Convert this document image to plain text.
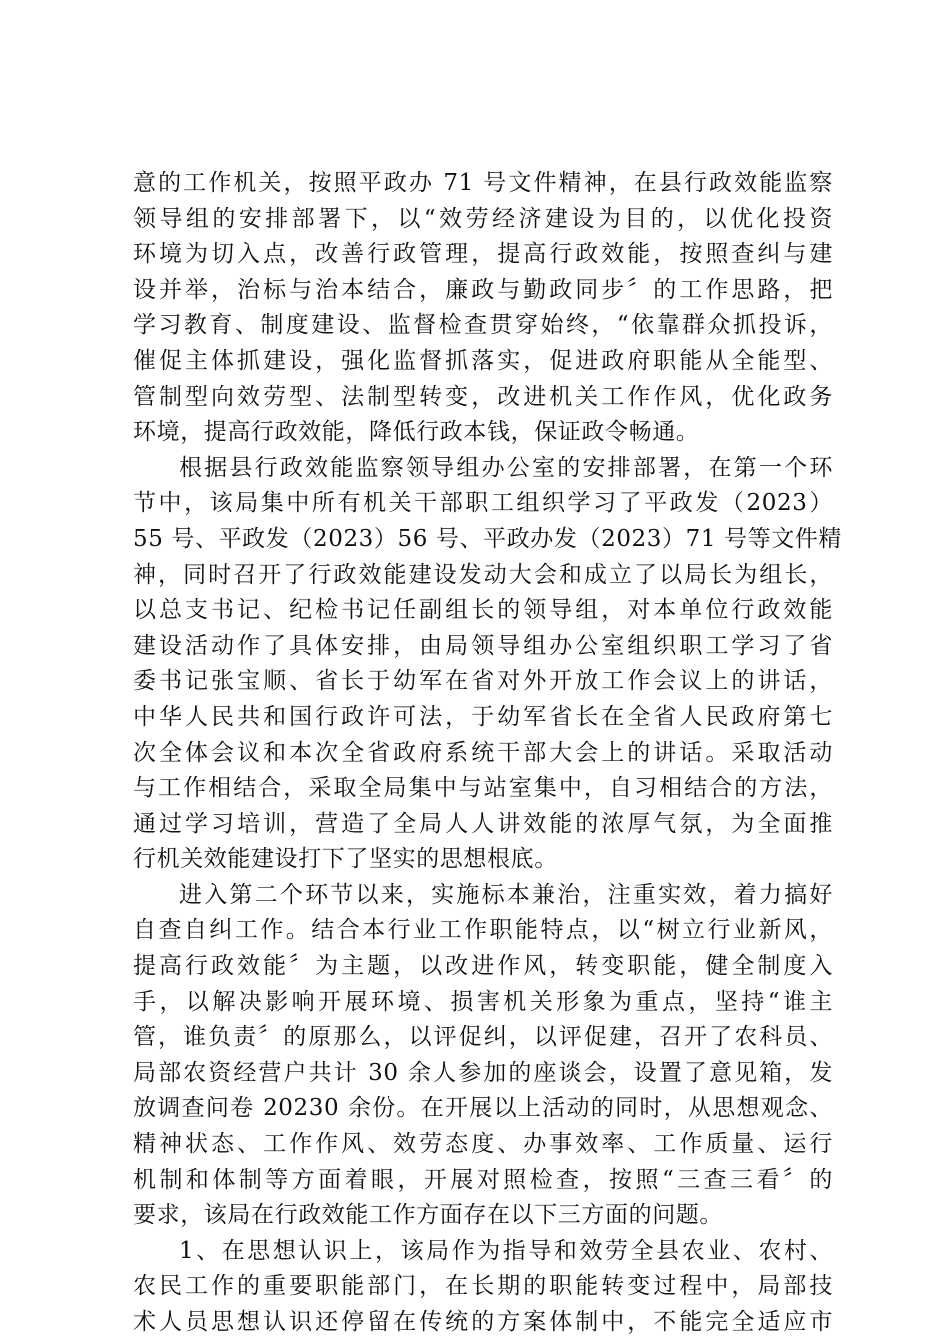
意的工作机关，按照平政办 71 号文件精神，在县行政效能监察
领导组的安排部署下，以“效劳经济建设为目的，以优化投资
环境为切入点，改善行政管理，提高行政效能，按照查纠与建
设并举，治标与治本结合，廉政与勤政同步〞的工作思路，把
学习教育、制度建设、监督检查贯穿始终，“依靠群众抓投诉，
催促主体抓建设，强化监督抓落实，促进政府职能从全能型、
管制型向效劳型、法制型转变，改进机关工作作风，优化政务
环境，提高行政效能，降低行政本钱，保证政令畅通。
根据县行政效能监察领导组办公室的安排部署，在第一个环
节中，该局集中所有机关干部职工组织学习了平政发（2023）
55 号、平政发（2023）56 号、平政办发（2023）71 号等文件精
神，同时召开了行政效能建设发动大会和成立了以局长为组长，
以总支书记、纪检书记任副组长的领导组，对本单位行政效能
建设活动作了具体安排，由局领导组办公室组织职工学习了省
委书记张宝顺、省长于幼军在省对外开放工作会议上的讲话，
中华人民共和国行政许可法，于幼军省长在全省人民政府第七
次全体会议和本次全省政府系统干部大会上的讲话。采取活动
与工作相结合，采取全局集中与站室集中，自习相结合的方法，
通过学习培训，营造了全局人人讲效能的浓厚气氛，为全面推
行机关效能建设打下了坚实的思想根底。
进入第二个环节以来，实施标本兼治，注重实效，着力搞好
自查自纠工作。结合本行业工作职能特点，以“树立行业新风，
提高行政效能〞为主题，以改进作风，转变职能，健全制度入
手，以解决影响开展环境、损害机关形象为重点，坚持“谁主
管，谁负责〞的原那么，以评促纠，以评促建，召开了农科员、
局部农资经营户共计 30 余人参加的座谈会，设置了意见箱，发
放调查问卷 20230 余份。在开展以上活动的同时，从思想观念、
精神状态、工作作风、效劳态度、办事效率、工作质量、运行
机制和体制等方面着眼，开展对照检查，按照“三查三看〞的
要求，该局在行政效能工作方面存在以下三方面的问题。
1、在思想认识上，该局作为指导和效劳全县农业、农村、
农民工作的重要职能部门，在长期的职能转变过程中，局部技
术人员思想认识还停留在传统的方案体制中，不能完全适应市
